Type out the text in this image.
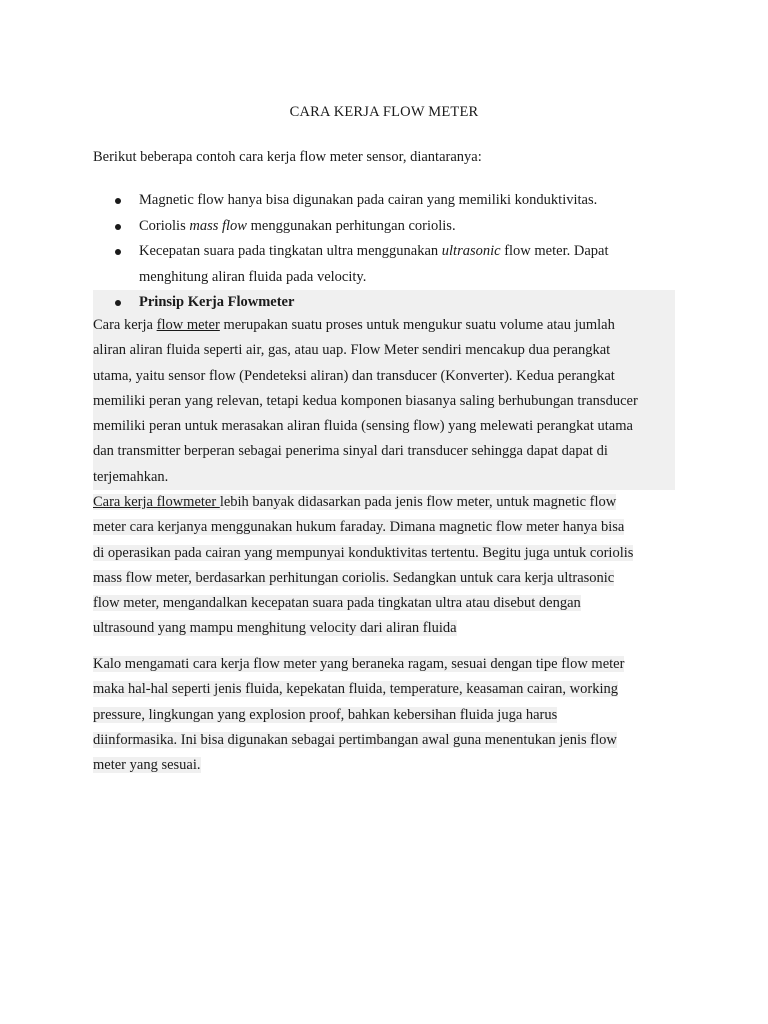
CARA KERJA FLOW METER
Berikut beberapa contoh cara kerja flow meter sensor, diantaranya:
Magnetic flow hanya bisa digunakan pada cairan yang memiliki konduktivitas.
Coriolis mass flow menggunakan perhitungan coriolis.
Kecepatan suara pada tingkatan ultra menggunakan ultrasonic flow meter. Dapat
menghitung aliran fluida pada velocity.
Prinsip Kerja Flowmeter
Cara kerja flow meter merupakan suatu proses untuk mengukur suatu volume atau jumlah
aliran aliran fluida seperti air, gas, atau uap. Flow Meter sendiri mencakup dua perangkat
utama, yaitu sensor flow (Pendeteksi aliran) dan transducer (Konverter). Kedua perangkat
memiliki peran yang relevan, tetapi kedua komponen biasanya saling berhubungan transducer
memiliki peran untuk merasakan aliran fluida (sensing flow) yang melewati perangkat utama
dan transmitter berperan sebagai penerima sinyal dari transducer sehingga dapat dapat di
terjemahkan.
Cara kerja flowmeter lebih banyak didasarkan pada jenis flow meter, untuk magnetic flow
meter cara kerjanya menggunakan hukum faraday. Dimana magnetic flow meter hanya bisa
di operasikan pada cairan yang mempunyai konduktivitas tertentu. Begitu juga untuk coriolis
mass flow meter, berdasarkan perhitungan coriolis. Sedangkan untuk cara kerja ultrasonic
flow meter, mengandalkan kecepatan suara pada tingkatan ultra atau disebut dengan
ultrasound yang mampu menghitung velocity dari aliran fluida
Kalo mengamati cara kerja flow meter yang beraneka ragam, sesuai dengan tipe flow meter
maka hal-hal seperti jenis fluida, kepekatan fluida, temperature, keasaman cairan, working
pressure, lingkungan yang explosion proof, bahkan kebersihan fluida juga harus
diinformasika. Ini bisa digunakan sebagai pertimbangan awal guna menentukan jenis flow
meter yang sesuai.
